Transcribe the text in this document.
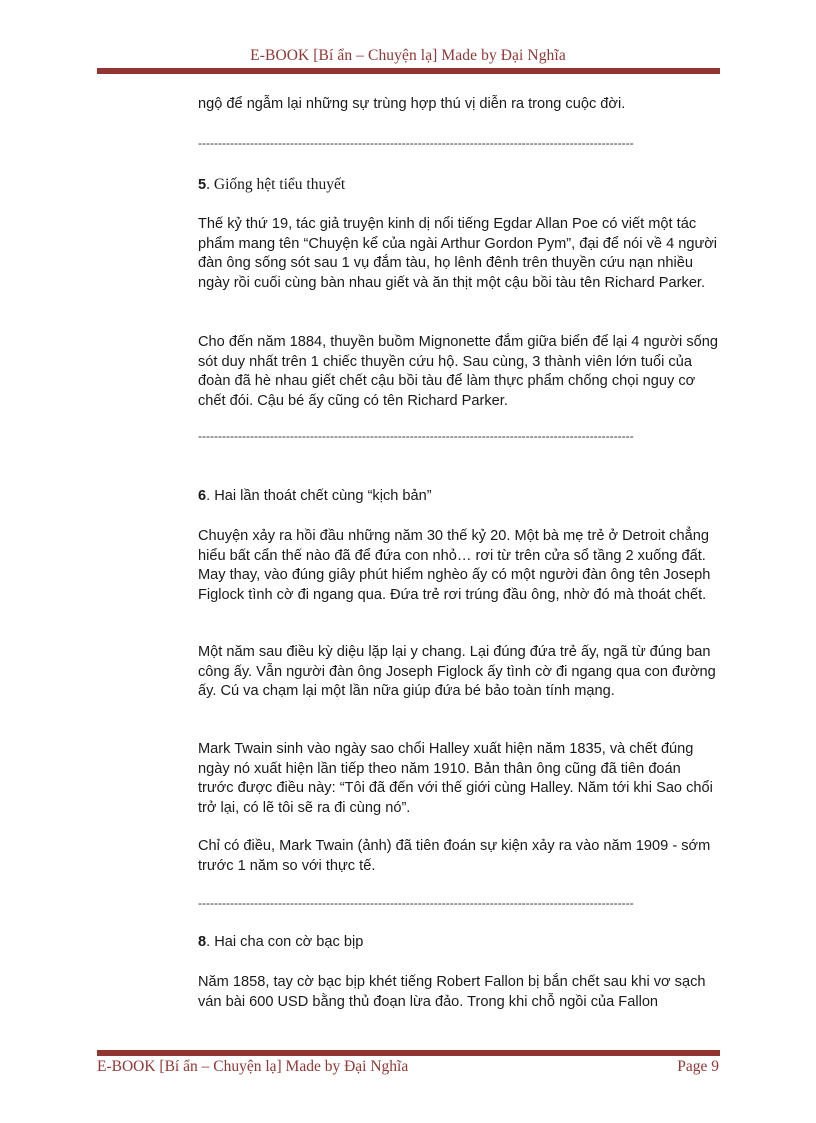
E-BOOK [Bí ẩn – Chuyện lạ] Made by Đại Nghĩa

ngộ để ngẫm lại những sự trùng hợp thú vị diễn ra trong cuộc đời.

-------------------------------------------------------------------------------------------------------------
5. Giống hệt tiểu thuyết

Thế kỷ thứ 19, tác giả truyện kinh dị nổi tiếng Egdar Allan Poe có viết một tác phẩm mang tên “Chuyện kể của ngài Arthur Gordon Pym”, đại để nói về 4 người đàn ông sống sót sau 1 vụ đắm tàu, họ lênh đênh trên thuyền cứu nạn nhiều ngày rồi cuối cùng bàn nhau giết và ăn thịt một cậu bồi tàu tên Richard Parker.

Cho đến năm 1884, thuyền buồm Mignonette đắm giữa biển để lại 4 người sống sót duy nhất trên 1 chiếc thuyền cứu hộ. Sau cùng, 3 thành viên lớn tuổi của đoàn đã hè nhau giết chết cậu bồi tàu để làm thực phẩm chống chọi nguy cơ chết đói. Cậu bé ấy cũng có tên Richard Parker.

-------------------------------------------------------------------------------------------------------------
6. Hai lần thoát chết cùng “kịch bản”

Chuyện xảy ra hồi đầu những năm 30 thế kỷ 20. Một bà mẹ trẻ ở Detroit chẳng hiểu bất cẩn thế nào đã để đứa con nhỏ… rơi từ trên cửa sổ tầng 2 xuống đất. May thay, vào đúng giây phút hiểm nghèo ấy có một người đàn ông tên Joseph Figlock tình cờ đi ngang qua. Đứa trẻ rơi trúng đầu ông, nhờ đó mà thoát chết.

Một năm sau điều kỳ diệu lặp lại y chang. Lại đúng đứa trẻ ấy, ngã từ đúng ban công ấy. Vẫn người đàn ông Joseph Figlock ấy tình cờ đi ngang qua con đường ấy. Cú va chạm lại một lần nữa giúp đứa bé bảo toàn tính mạng.

Mark Twain sinh vào ngày sao chổi Halley xuất hiện năm 1835, và chết đúng ngày nó xuất hiện lần tiếp theo năm 1910. Bản thân ông cũng đã tiên đoán trước được điều này: “Tôi đã đến với thế giới cùng Halley. Năm tới khi Sao chổi trở lại, có lẽ tôi sẽ ra đi cùng nó”.

Chỉ có điều, Mark Twain (ảnh) đã tiên đoán sự kiện xảy ra vào năm 1909 - sớm trước 1 năm so với thực tế.

-------------------------------------------------------------------------------------------------------------
8. Hai cha con cờ bạc bịp

Năm 1858, tay cờ bạc bịp khét tiếng Robert Fallon bị bắn chết sau khi vơ sạch ván bài 600 USD bằng thủ đoạn lừa đảo. Trong khi chỗ ngồi của Fallon

E-BOOK [Bí ẩn – Chuyện lạ] Made by Đại Nghĩa	Page 9
